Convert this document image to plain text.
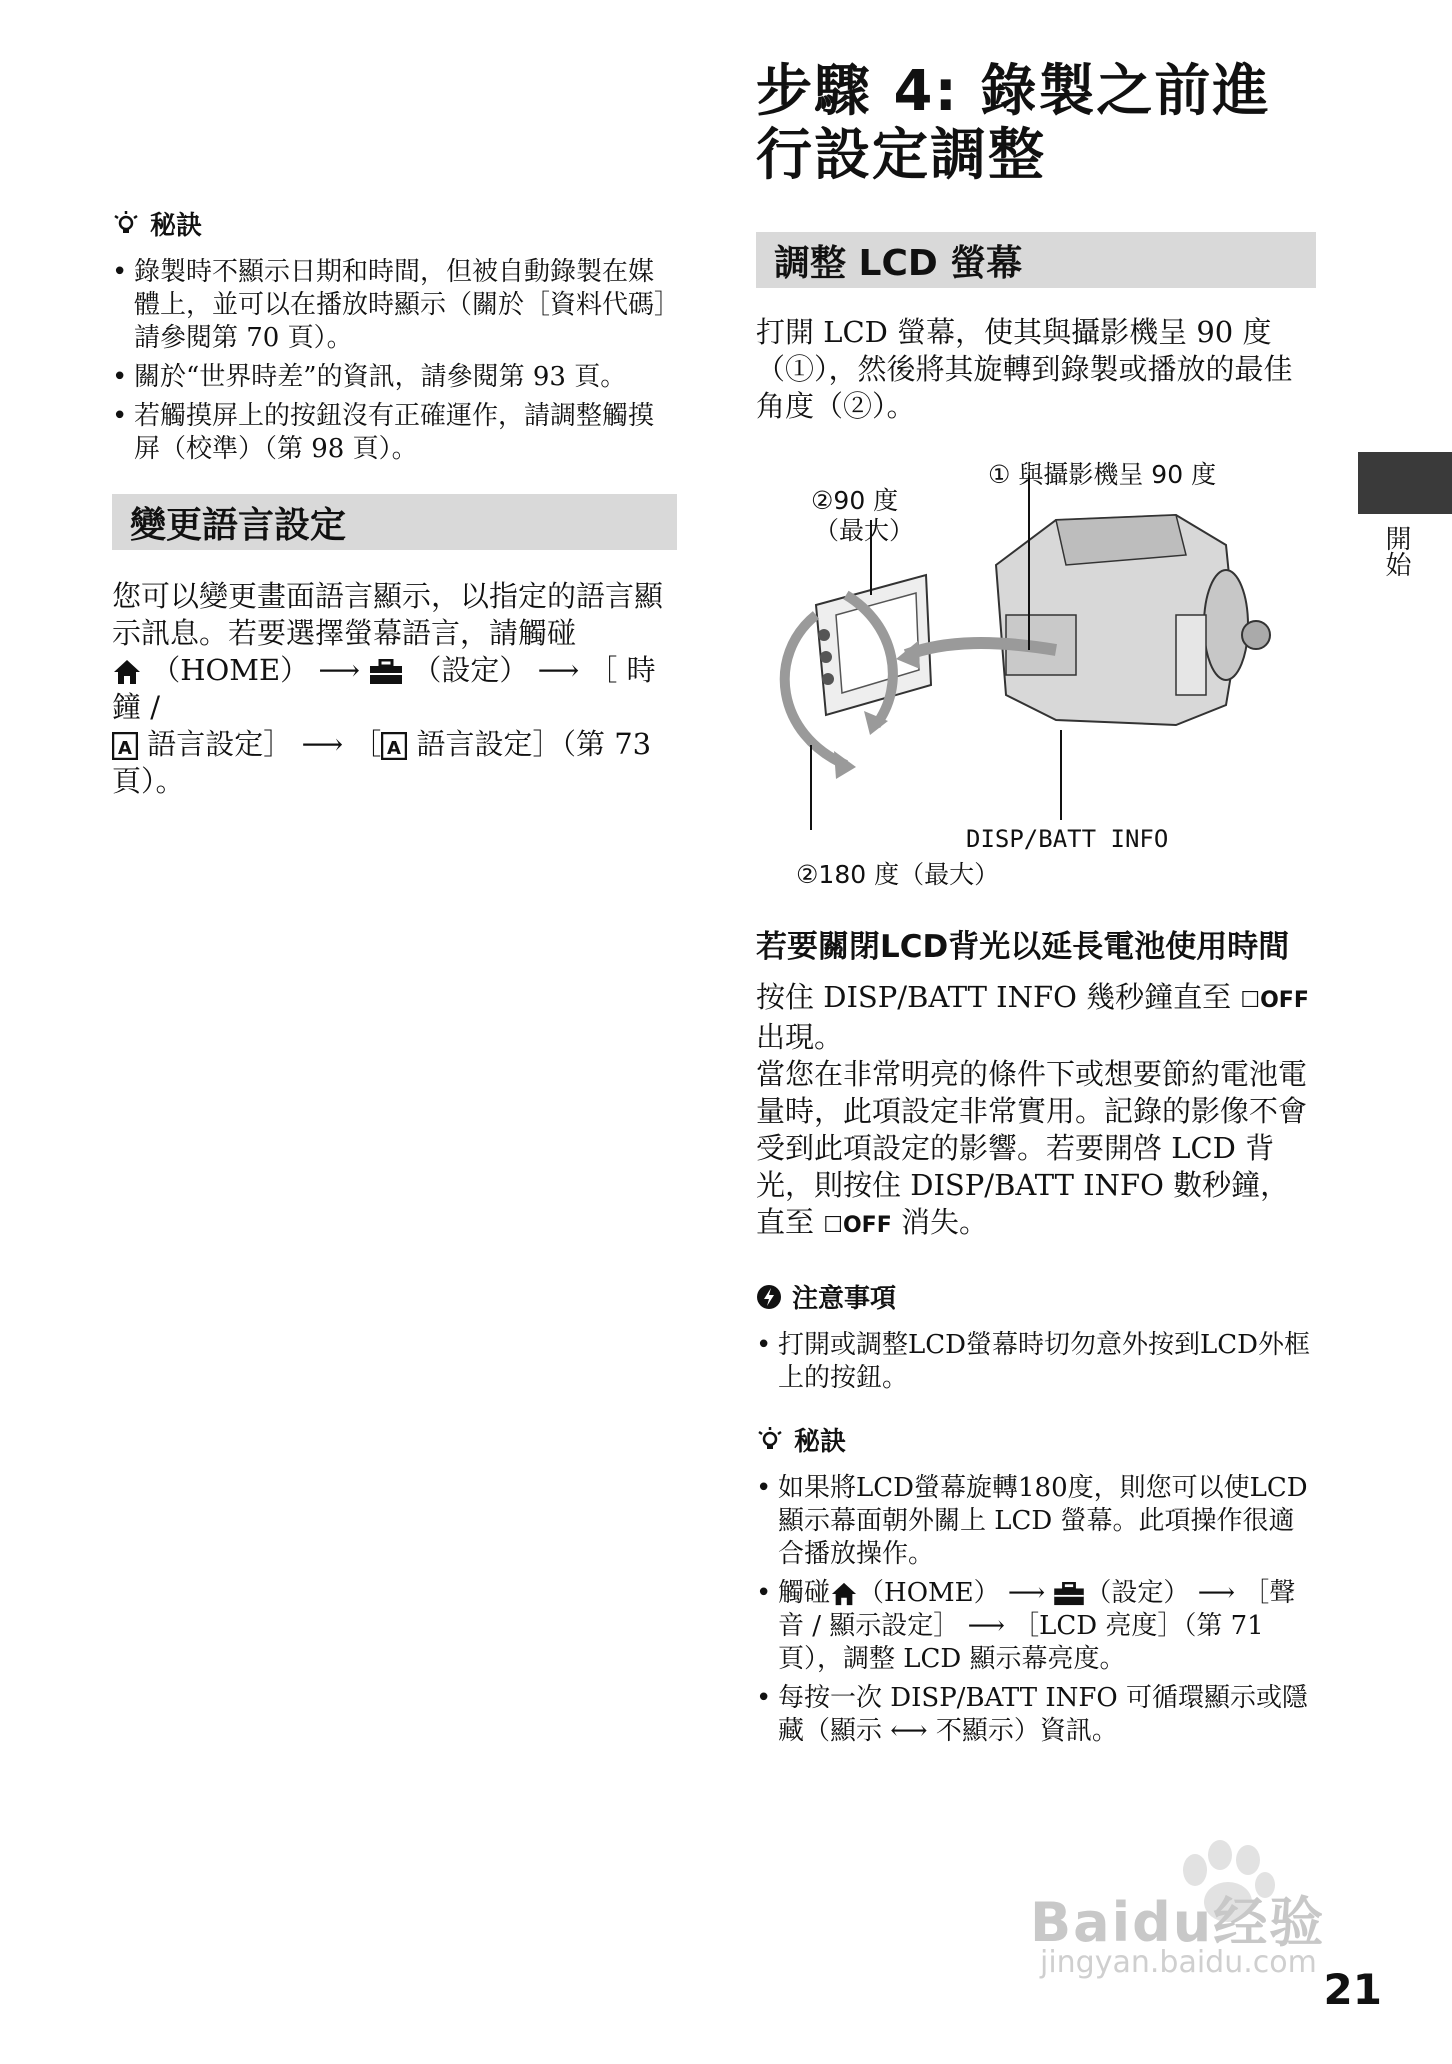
秘訣
• 錄製時不顯示日期和時間，但被自動錄製在媒體上，並可以在播放時顯示（關於［資料代碼］請參閱第 70 頁）。
• 關於“世界時差”的資訊，請參閱第 93 頁。
• 若觸摸屏上的按鈕沒有正確運作，請調整觸摸屏（校準）（第 98 頁）。
變更語言設定
您可以變更畫面語言顯示，以指定的語言顯示訊息。若要選擇螢幕語言，請觸碰
（HOME） ⟶ （設定） ⟶ ［ 時鐘 /

A 語言設定］ ⟶ ［ A 語言設定］（第 73 頁）。
步驟 4: 錄製之前進行設定調整
調整 LCD 螢幕
打開 LCD 螢幕，使其與攝影機呈 90 度（①），然後將其旋轉到錄製或播放的最佳角度（②）。
① 與攝影機呈 90 度
②90 度
（最大）
DISP/BATT INFO
②180 度（最大）
若要關閉LCD背光以延長電池使用時間
按住 DISP/BATT INFO 幾秒鐘直至 ☐OFF 出現。
當您在非常明亮的條件下或想要節約電池電量時，此項設定非常實用。記錄的影像不會受到此項設定的影響。若要開啓 LCD 背光，則按住 DISP/BATT INFO 數秒鐘，直至 ☐OFF 消失。
注意事項
• 打開或調整LCD螢幕時切勿意外按到LCD外框上的按鈕。
秘訣
• 如果將LCD螢幕旋轉180度，則您可以使LCD顯示幕面朝外關上 LCD 螢幕。此項操作很適合播放操作。
• 觸碰 （HOME） ⟶ （設定） ⟶ ［聲音 / 顯示設定］ ⟶ ［LCD 亮度］（第 71 頁），調整 LCD 顯示幕亮度。
• 每按一次 DISP/BATT INFO 可循環顯示或隱藏（顯示 ⟷ 不顯示）資訊。
開始
Baidu经验
jingyan.baidu.com
21
